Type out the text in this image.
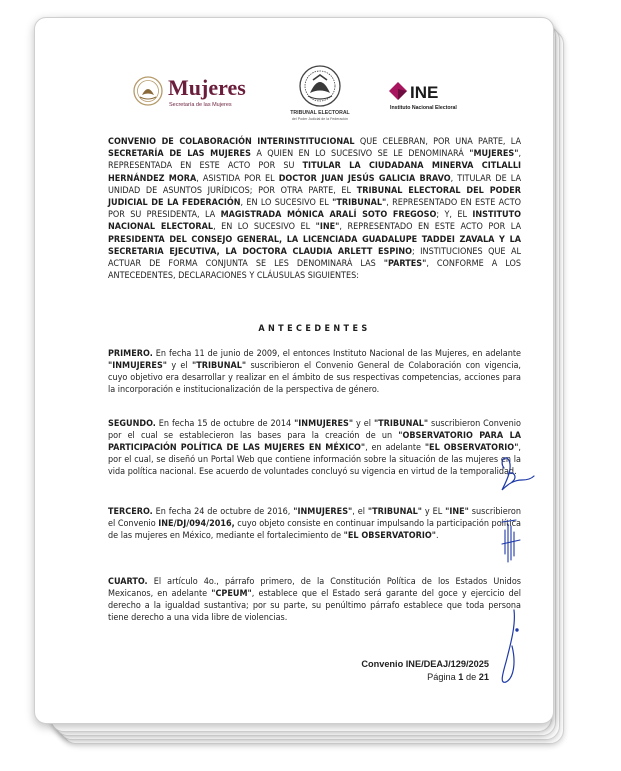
Mujeres
Secretaría de las Mujeres
TRIBUNAL ELECTORAL
del Poder Judicial de la Federación
INE
Instituto Nacional Electoral
CONVENIO DE COLABORACIÓN INTERINSTITUCIONAL QUE CELEBRAN, POR UNA PARTE, LA SECRETARÍA DE LAS MUJERES A QUIEN EN LO SUCESIVO SE LE DENOMINARÁ "MUJERES", REPRESENTADA EN ESTE ACTO POR SU TITULAR LA CIUDADANA MINERVA CITLALLI HERNÁNDEZ MORA, ASISTIDA POR EL DOCTOR JUAN JESÚS GALICIA BRAVO, TITULAR DE LA UNIDAD DE ASUNTOS JURÍDICOS; POR OTRA PARTE, EL TRIBUNAL ELECTORAL DEL PODER JUDICIAL DE LA FEDERACIÓN, EN LO SUCESIVO EL "TRIBUNAL", REPRESENTADO EN ESTE ACTO POR SU PRESIDENTA, LA MAGISTRADA MÓNICA ARALÍ SOTO FREGOSO; Y, EL INSTITUTO NACIONAL ELECTORAL, EN LO SUCESIVO EL "INE", REPRESENTADO EN ESTE ACTO POR LA PRESIDENTA DEL CONSEJO GENERAL, LA LICENCIADA GUADALUPE TADDEI ZAVALA Y LA SECRETARIA EJECUTIVA, LA DOCTORA CLAUDIA ARLETT ESPINO; INSTITUCIONES QUE AL ACTUAR DE FORMA CONJUNTA SE LES DENOMINARÁ LAS "PARTES", CONFORME A LOS ANTECEDENTES, DECLARACIONES Y CLÁUSULAS SIGUIENTES:
ANTECEDENTES
PRIMERO. En fecha 11 de junio de 2009, el entonces Instituto Nacional de las Mujeres, en adelante "INMUJERES" y el "TRIBUNAL" suscribieron el Convenio General de Colaboración con vigencia, cuyo objetivo era desarrollar y realizar en el ámbito de sus respectivas competencias, acciones para la incorporación e institucionalización de la perspectiva de género.
SEGUNDO. En fecha 15 de octubre de 2014 "INMUJERES" y el "TRIBUNAL" suscribieron Convenio por el cual se establecieron las bases para la creación de un "OBSERVATORIO PARA LA PARTICIPACIÓN POLÍTICA DE LAS MUJERES EN MÉXICO", en adelante "EL OBSERVATORIO", por el cual, se diseñó un Portal Web que contiene información sobre la situación de las mujeres en la vida política nacional. Ese acuerdo de voluntades concluyó su vigencia en virtud de la temporalidad.
TERCERO. En fecha 24 de octubre de 2016, "INMUJERES", el "TRIBUNAL" y EL "INE" suscribieron el Convenio INE/DJ/094/2016, cuyo objeto consiste en continuar impulsando la participación política de las mujeres en México, mediante el fortalecimiento de "EL OBSERVATORIO".
CUARTO. El artículo 4o., párrafo primero, de la Constitución Política de los Estados Unidos Mexicanos, en adelante "CPEUM", establece que el Estado será garante del goce y ejercicio del derecho a la igualdad sustantiva; por su parte, su penúltimo párrafo establece que toda persona tiene derecho a una vida libre de violencias.
Convenio INE/DEAJ/129/2025
Página 1 de 21
